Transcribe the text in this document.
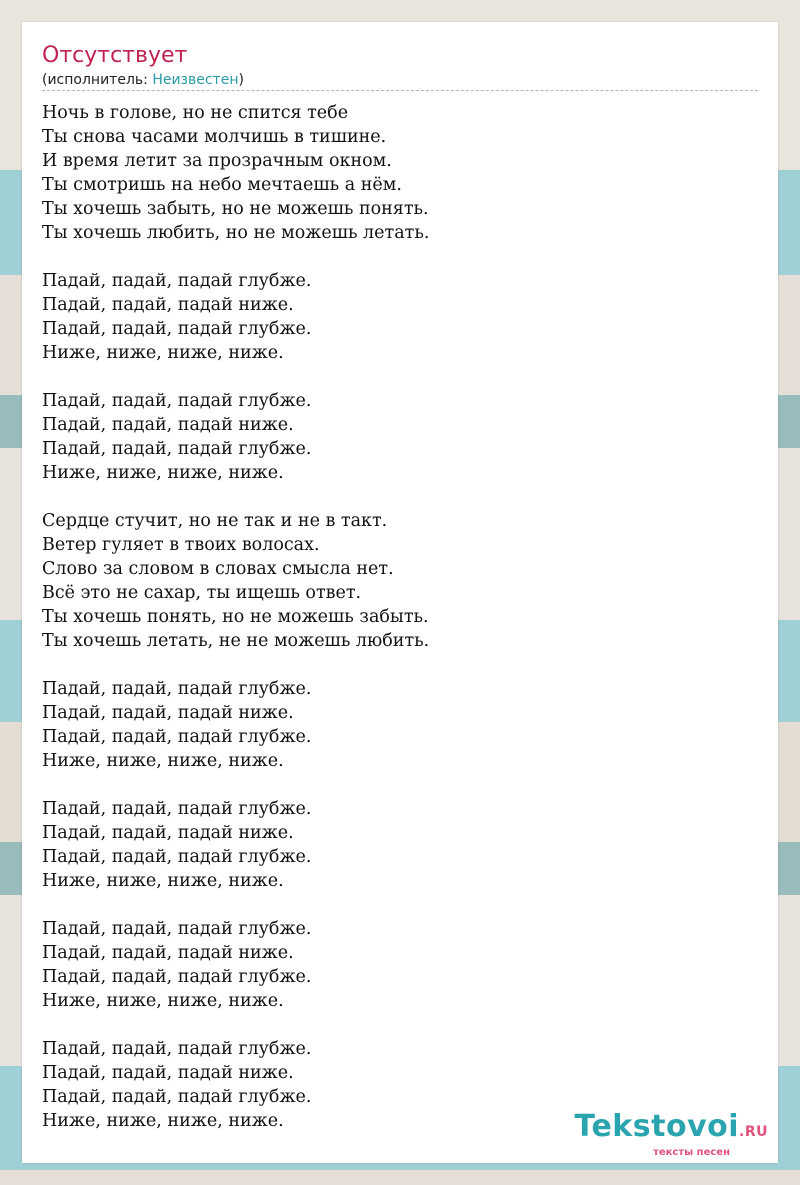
Отсутствует
(исполнитель: Неизвестен)
Ночь в голове, но не спится тебе
Ты снова часами молчишь в тишине.
И время летит за прозрачным окном.
Ты смотришь на небо мечтаешь а нём.
Ты хочешь забыть, но не можешь понять.
Ты хочешь любить, но не можешь летать.
Падай, падай, падай глубже.
Падай, падай, падай ниже.
Падай, падай, падай глубже.
Ниже, ниже, ниже, ниже.
Падай, падай, падай глубже.
Падай, падай, падай ниже.
Падай, падай, падай глубже.
Ниже, ниже, ниже, ниже.
Сердце стучит, но не так и не в такт.
Ветер гуляет в твоих волосах.
Слово за словом в словах смысла нет.
Всё это не сахар, ты ищешь ответ.
Ты хочешь понять, но не можешь забыть.
Ты хочешь летать, не не можешь любить.
Падай, падай, падай глубже.
Падай, падай, падай ниже.
Падай, падай, падай глубже.
Ниже, ниже, ниже, ниже.
Падай, падай, падай глубже.
Падай, падай, падай ниже.
Падай, падай, падай глубже.
Ниже, ниже, ниже, ниже.
Падай, падай, падай глубже.
Падай, падай, падай ниже.
Падай, падай, падай глубже.
Ниже, ниже, ниже, ниже.
Падай, падай, падай глубже.
Падай, падай, падай ниже.
Падай, падай, падай глубже.
Ниже, ниже, ниже, ниже.	Tekstovoi.RU
тексты песен
